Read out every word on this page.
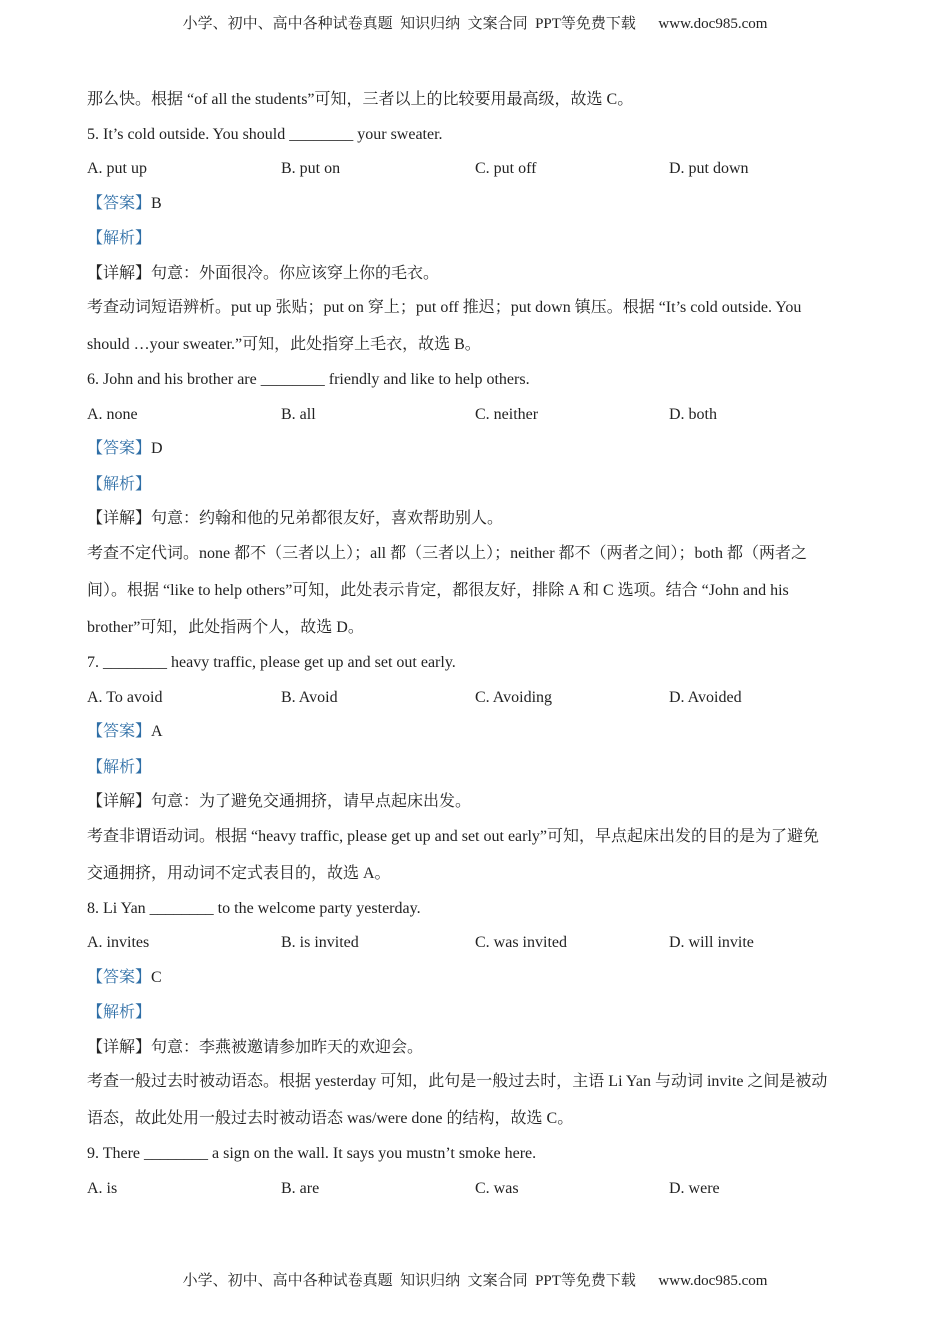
小学、初中、高中各种试卷真题  知识归纳  文案合同  PPT等免费下载      www.doc985.com
那么快。根据 “of all the students”可知，三者以上的比较要用最高级，故选 C。
5. It’s cold outside. You should ________ your sweater.
A. put up	B. put on	C. put off	D. put down
【答案】B
【解析】
【详解】句意：外面很冷。你应该穿上你的毛衣。
考查动词短语辨析。put up 张贴；put on 穿上；put off 推迟；put down 镇压。根据 “It’s cold outside. You
should …your sweater.”可知，此处指穿上毛衣，故选 B。
6. John and his brother are ________ friendly and like to help others.
A. none	B. all	C. neither	D. both
【答案】D
【解析】
【详解】句意：约翰和他的兄弟都很友好，喜欢帮助别人。
考查不定代词。none 都不（三者以上）；all 都（三者以上）；neither 都不（两者之间）；both 都（两者之
间）。根据 “like to help others”可知，此处表示肯定，都很友好，排除 A 和 C 选项。结合 “John and his
brother”可知，此处指两个人，故选 D。
7. ________ heavy traffic, please get up and set out early.
A. To avoid	B. Avoid	C. Avoiding	D. Avoided
【答案】A
【解析】
【详解】句意：为了避免交通拥挤，请早点起床出发。
考查非谓语动词。根据 “heavy traffic, please get up and set out early”可知，早点起床出发的目的是为了避免
交通拥挤，用动词不定式表目的，故选 A。
8. Li Yan ________ to the welcome party yesterday.
A. invites	B. is invited	C. was invited	D. will invite
【答案】C
【解析】
【详解】句意：李燕被邀请参加昨天的欢迎会。
考查一般过去时被动语态。根据 yesterday 可知，此句是一般过去时，主语 Li Yan 与动词 invite 之间是被动
语态，故此处用一般过去时被动语态 was/were done 的结构，故选 C。
9. There ________ a sign on the wall. It says you mustn’t smoke here.
A. is	B. are	C. was	D. were
小学、初中、高中各种试卷真题  知识归纳  文案合同  PPT等免费下载      www.doc985.com
